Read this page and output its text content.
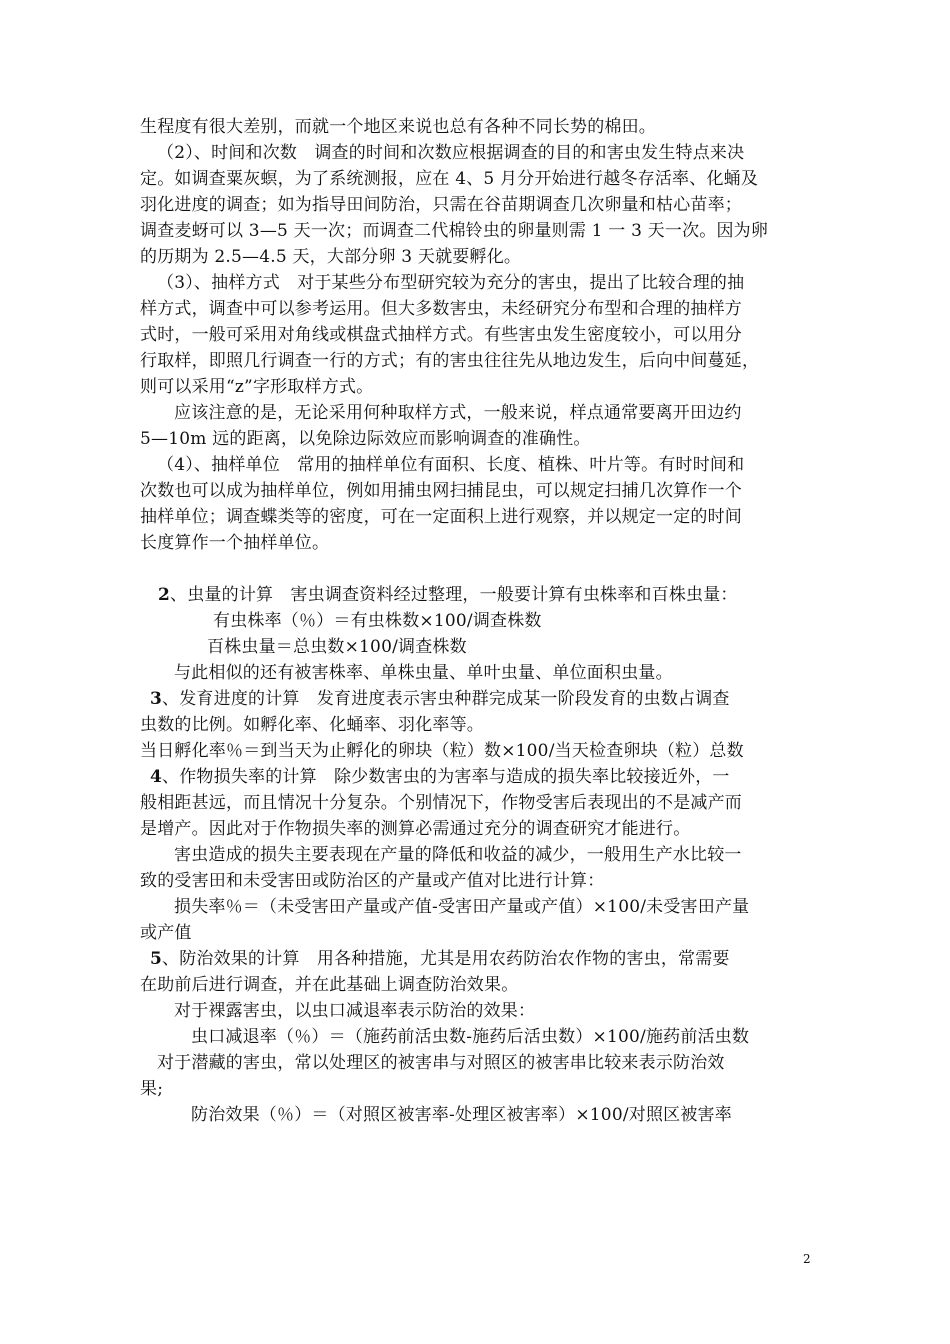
生程度有很大差别，而就一个地区来说也总有各种不同长势的棉田。
（2）、时间和次数　调查的时间和次数应根据调查的目的和害虫发生特点来决
定。如调查粟灰螟，为了系统测报，应在 4、5 月分开始进行越冬存活率、化蛹及
羽化进度的调查；如为指导田间防治，只需在谷苗期调查几次卵量和枯心苗率；
调查麦蚜可以 3—5 天一次；而调查二代棉铃虫的卵量则需 1 一 3 天一次。因为卵
的历期为 2.5—4.5 天，大部分卵 3 天就要孵化。
（3）、抽样方式　对于某些分布型研究较为充分的害虫，提出了比较合理的抽
样方式，调查中可以参考运用。但大多数害虫，未经研究分布型和合理的抽样方
式时，一般可采用对角线或棋盘式抽样方式。有些害虫发生密度较小，可以用分
行取样，即照几行调查一行的方式；有的害虫往往先从地边发生，后向中间蔓延，
则可以采用“z”字形取样方式。
应该注意的是，无论采用何种取样方式，一般来说，样点通常要离开田边约
5—10m 远的距离，以免除边际效应而影响调查的准确性。
（4）、抽样单位　常用的抽样单位有面积、长度、植株、叶片等。有时时间和
次数也可以成为抽样单位，例如用捕虫网扫捕昆虫，可以规定扫捕几次算作一个
抽样单位；调查蝶类等的密度，可在一定面积上进行观察，并以规定一定的时间
长度算作一个抽样单位。
2、虫量的计算　害虫调查资料经过整理，一般要计算有虫株率和百株虫量：
有虫株率（％）＝有虫株数×100/调查株数
百株虫量＝总虫数×100/调查株数
与此相似的还有被害株率、单株虫量、单叶虫量、单位面积虫量。
3、发育进度的计算　发育进度表示害虫种群完成某一阶段发育的虫数占调查
虫数的比例。如孵化率、化蛹率、羽化率等。
当日孵化率％＝到当天为止孵化的卵块（粒）数×100/当天检查卵块（粒）总数
4、作物损失率的计算　除少数害虫的为害率与造成的损失率比较接近外，一
般相距甚远，而且情况十分复杂。个别情况下，作物受害后表现出的不是减产而
是增产。因此对于作物损失率的测算必需通过充分的调查研究才能进行。
害虫造成的损失主要表现在产量的降低和收益的减少，一般用生产水比较一
致的受害田和未受害田或防治区的产量或产值对比进行计算：
损失率％＝（未受害田产量或产值-受害田产量或产值）×100/未受害田产量
或产值
5、防治效果的计算　用各种措施，尤其是用农药防治农作物的害虫，常需要
在助前后进行调查，并在此基础上调查防治效果。
对于裸露害虫，以虫口减退率表示防治的效果：
虫口减退率（％）＝（施药前活虫数-施药后活虫数）×100/施药前活虫数
对于潜藏的害虫，常以处理区的被害串与对照区的被害串比较来表示防治效
果;
防治效果（％）＝（对照区被害率-处理区被害率）×100/对照区被害率
2
